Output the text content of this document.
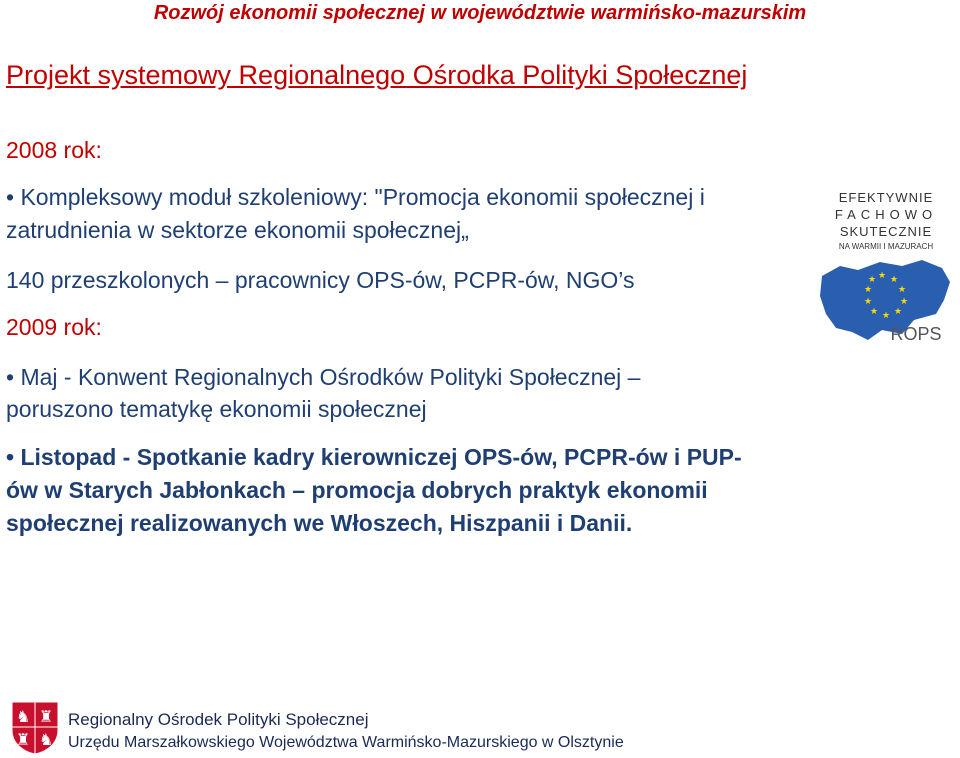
Rozwój ekonomii społecznej w województwie warmińsko-mazurskim
Projekt systemowy Regionalnego Ośrodka Polityki Społecznej
2008 rok:
• Kompleksowy moduł szkoleniowy: "Promocja ekonomii społecznej i
zatrudnienia w sektorze ekonomii społecznej„
140 przeszkolonych – pracownicy OPS-ów, PCPR-ów, NGO’s
2009 rok:
• Maj - Konwent Regionalnych Ośrodków Polityki Społecznej –
poruszono tematykę ekonomii społecznej
• Listopad - Spotkanie kadry kierowniczej OPS-ów, PCPR-ów i PUP-
ów w Starych Jabłonkach – promocja dobrych praktyk ekonomii
społecznej realizowanych we Włoszech, Hiszpanii i Danii.
EFEKTYWNIE
FACHOWO
SKUTECZNIE
NA WARMII I MAZURACH
★ ★
★
★
★
★
★
★
★
★
ROPS
♞ ♜
♜ ♞
Regionalny Ośrodek Polityki Społecznej
Urzędu Marszałkowskiego Województwa Warmińsko-Mazurskiego w Olsztynie
